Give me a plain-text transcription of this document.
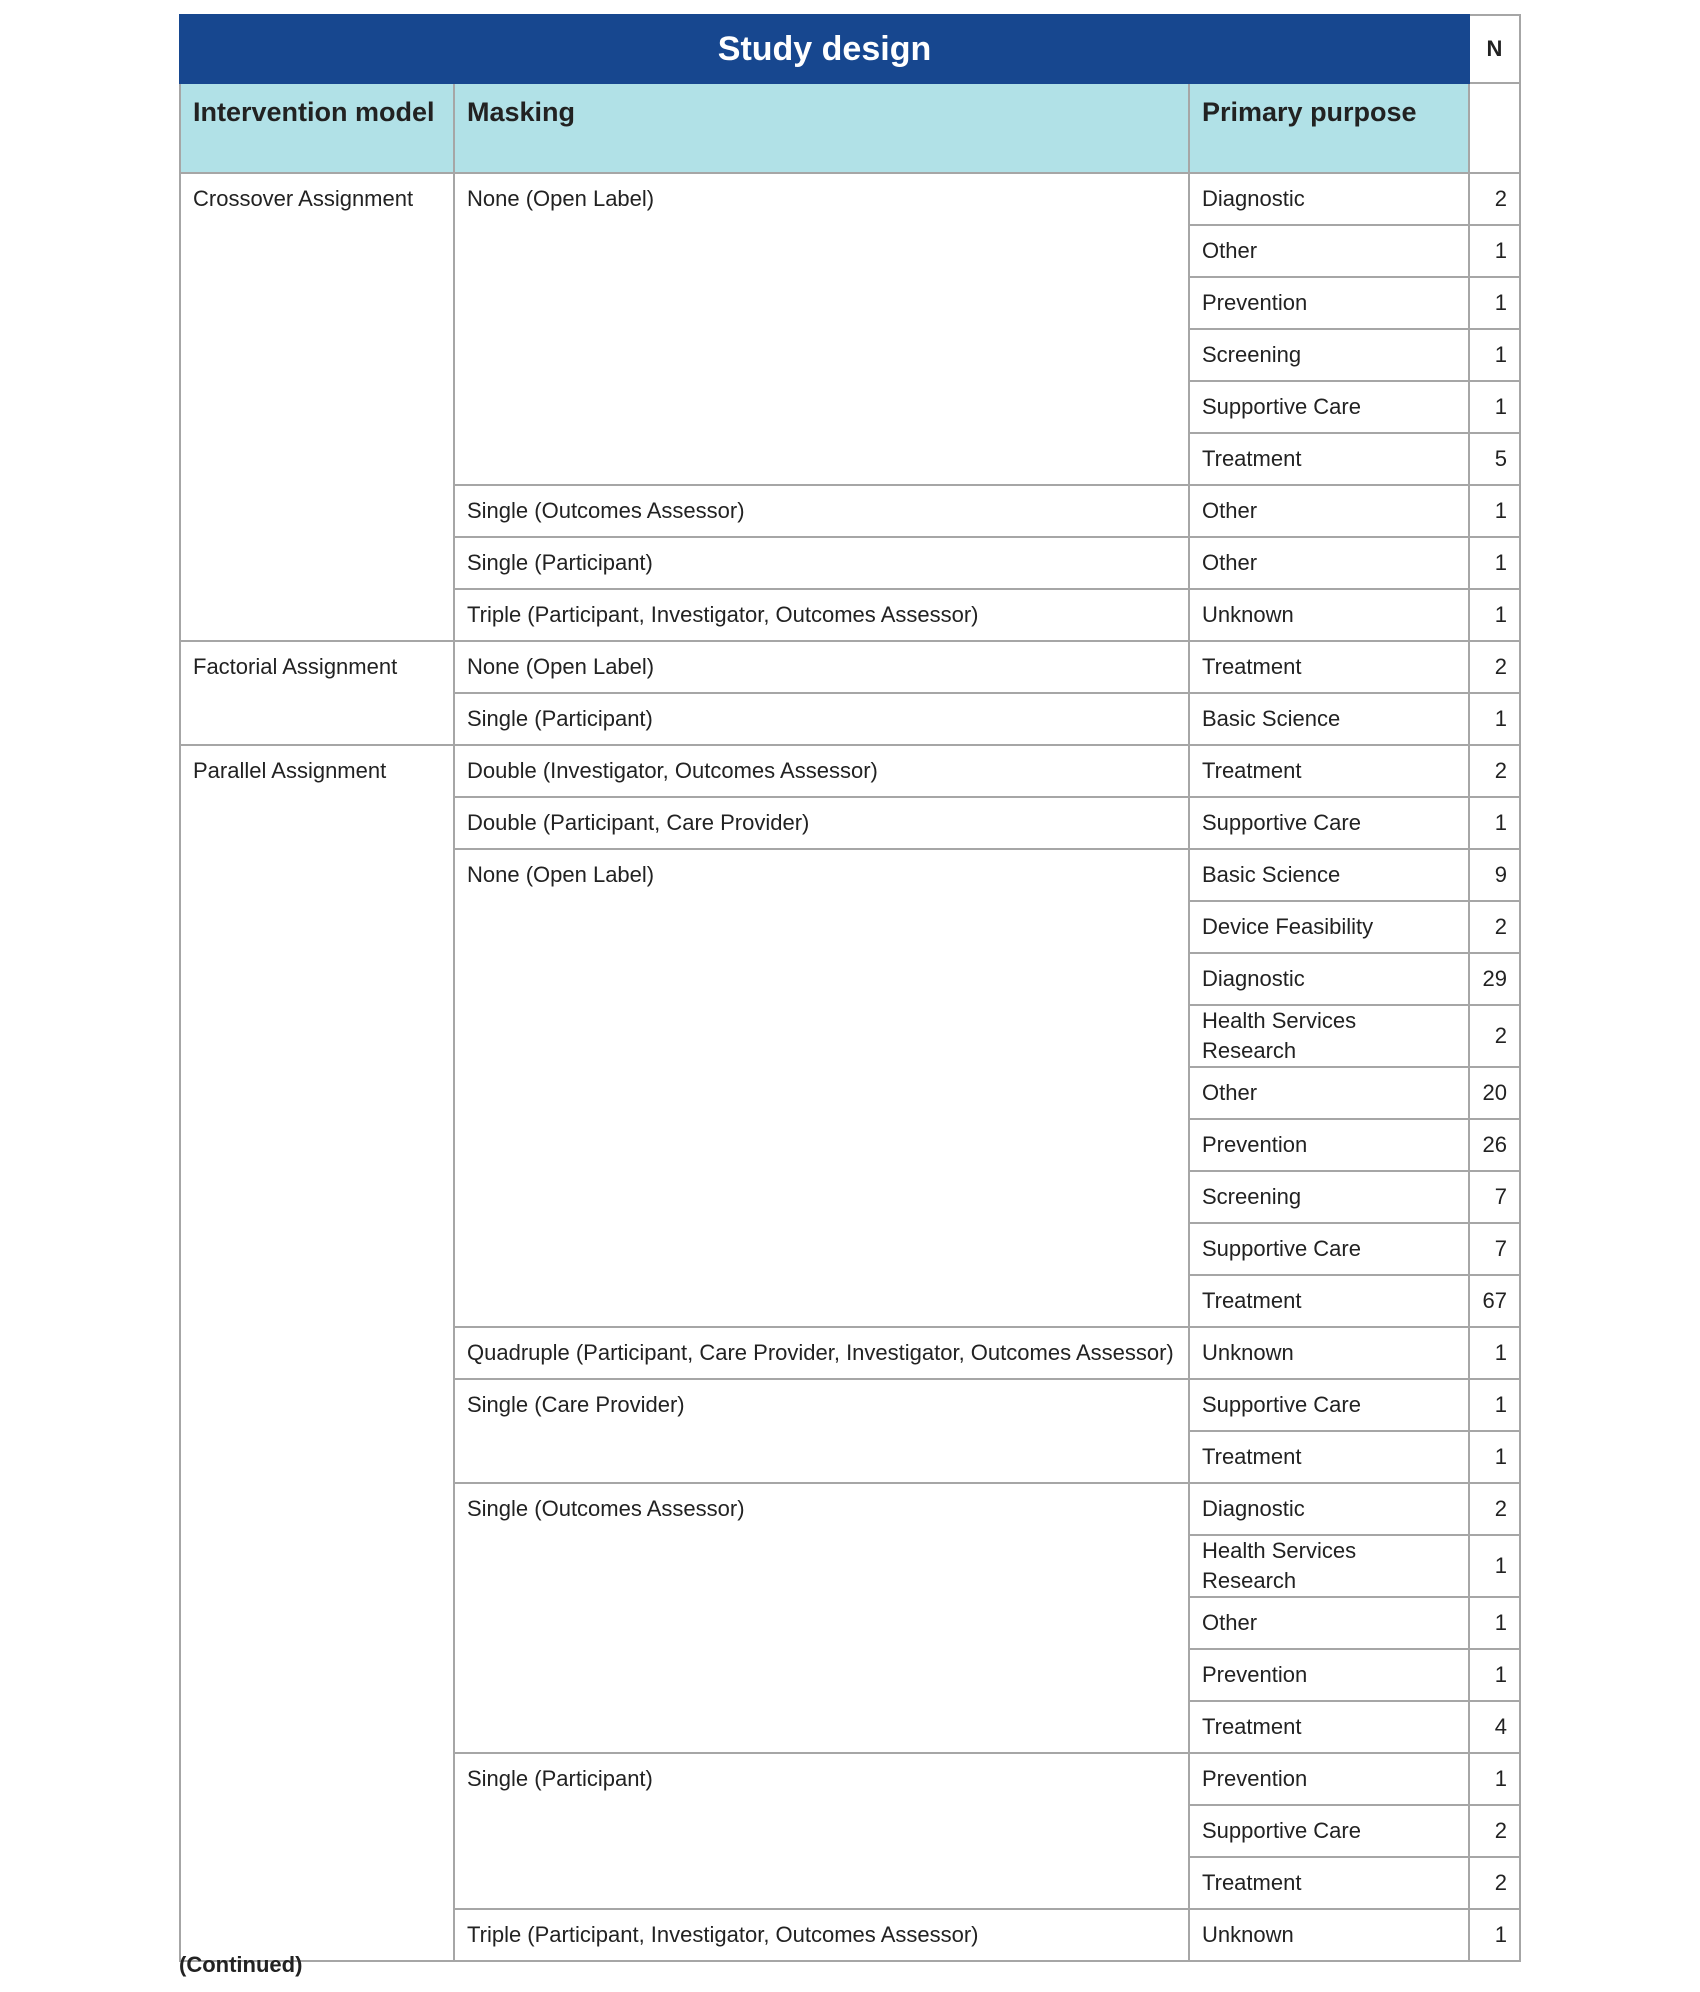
Study design			N
Intervention model	Masking	Primary purpose	
Crossover Assignment	None (Open Label)	Diagnostic	2
		Other	1
		Prevention	1
		Screening	1
		Supportive Care	1
		Treatment	5
	Single (Outcomes Assessor)	Other	1
	Single (Participant)	Other	1
	Triple (Participant, Investigator, Outcomes Assessor)	Unknown	1
Factorial Assignment	None (Open Label)	Treatment	2
	Single (Participant)	Basic Science	1
Parallel Assignment	Double (Investigator, Outcomes Assessor)	Treatment	2
	Double (Participant, Care Provider)	Supportive Care	1
	None (Open Label)	Basic Science	9
		Device Feasibility	2
		Diagnostic	29
		Health Services Research	2
		Other	20
		Prevention	26
		Screening	7
		Supportive Care	7
		Treatment	67
	Quadruple (Participant, Care Provider, Investigator, Outcomes Assessor)	Unknown	1
	Single (Care Provider)	Supportive Care	1
		Treatment	1
	Single (Outcomes Assessor)	Diagnostic	2
		Health Services Research	1
		Other	1
		Prevention	1
		Treatment	4
	Single (Participant)	Prevention	1
		Supportive Care	2
		Treatment	2
	Triple (Participant, Investigator, Outcomes Assessor)	Unknown	1
(Continued)
